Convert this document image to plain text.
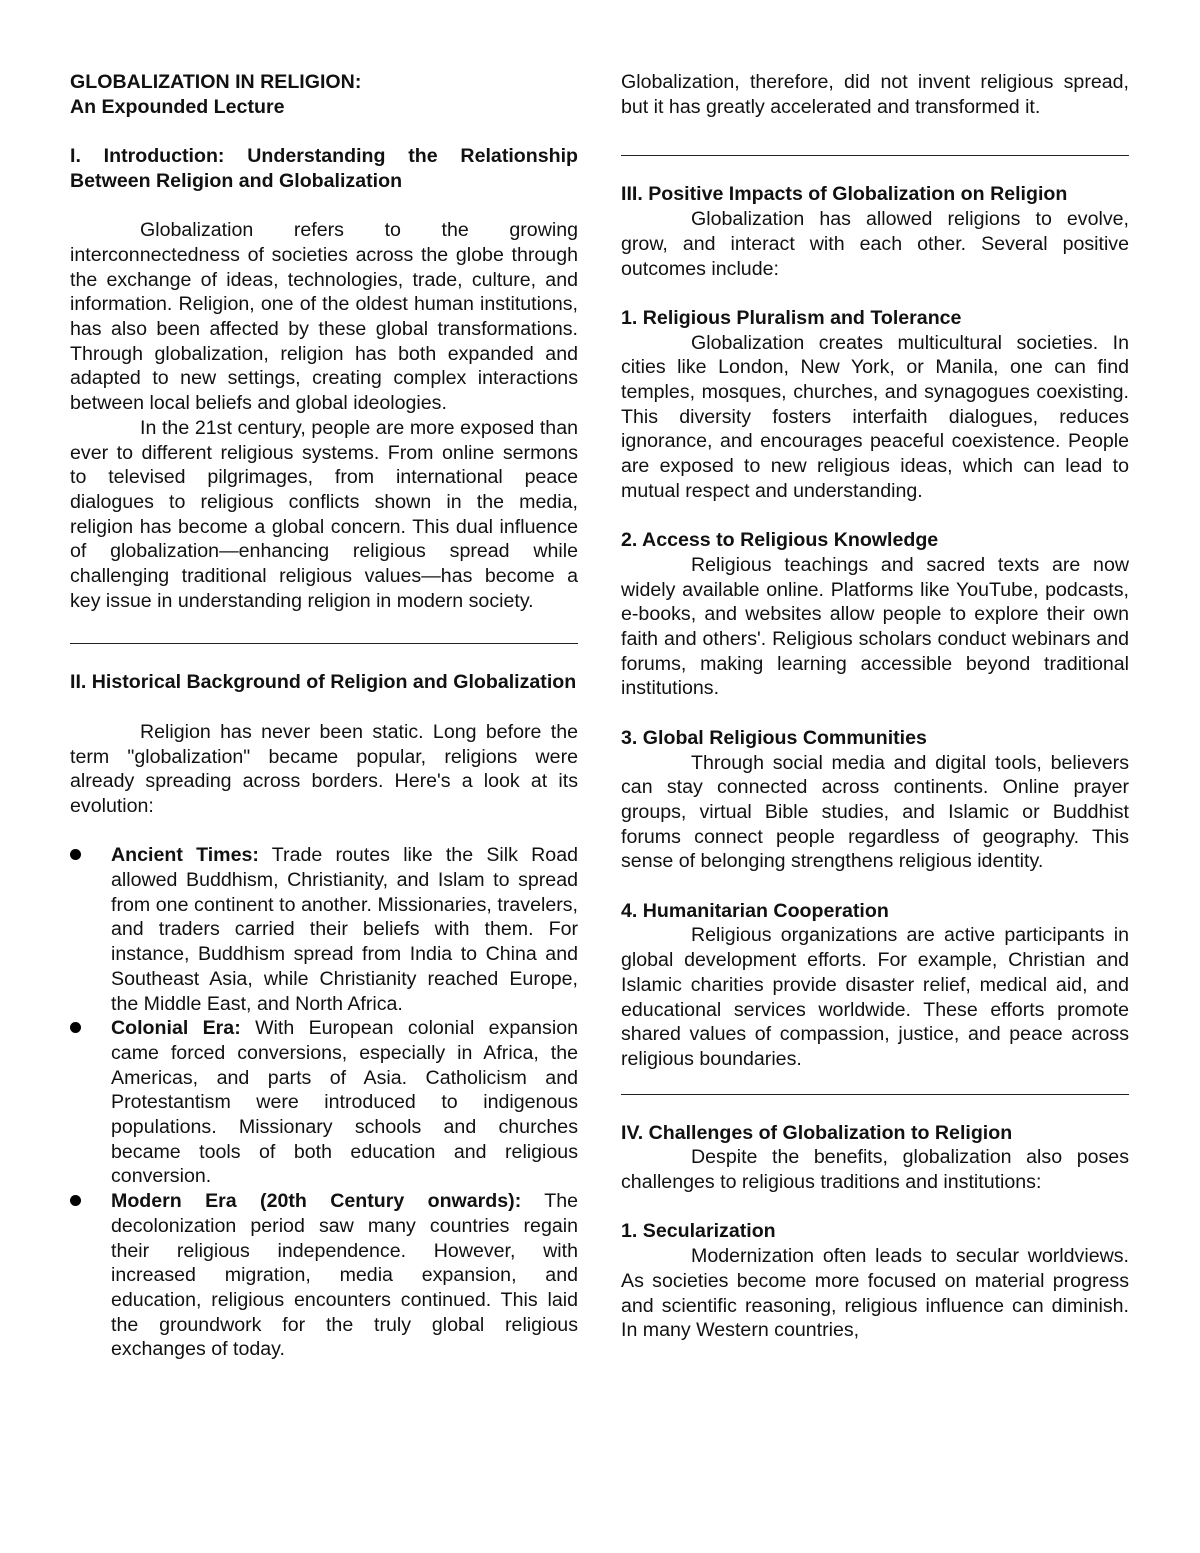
GLOBALIZATION IN RELIGION:

An Expounded Lecture

I. Introduction: Understanding the Relationship Between Religion and Globalization

Globalization refers to the growing interconnectedness of societies across the globe through the exchange of ideas, technologies, trade, culture, and information. Religion, one of the oldest human institutions, has also been affected by these global transformations. Through globalization, religion has both expanded and adapted to new settings, creating complex interactions between local beliefs and global ideologies.

In the 21st century, people are more exposed than ever to different religious systems. From online sermons to televised pilgrimages, from international peace dialogues to religious conflicts shown in the media, religion has become a global concern. This dual influence of globalization—enhancing religious spread while challenging traditional religious values—has become a key issue in understanding religion in modern society.

II. Historical Background of Religion and Globalization

Religion has never been static. Long before the term "globalization" became popular, religions were already spreading across borders. Here's a look at its evolution:

Ancient Times: Trade routes like the Silk Road allowed Buddhism, Christianity, and Islam to spread from one continent to another. Missionaries, travelers, and traders carried their beliefs with them. For instance, Buddhism spread from India to China and Southeast Asia, while Christianity reached Europe, the Middle East, and North Africa.
Colonial Era: With European colonial expansion came forced conversions, especially in Africa, the Americas, and parts of Asia. Catholicism and Protestantism were introduced to indigenous populations. Missionary schools and churches became tools of both education and religious conversion.
Modern Era (20th Century onwards): The decolonization period saw many countries regain their religious independence. However, with increased migration, media expansion, and education, religious encounters continued. This laid the groundwork for the truly global religious exchanges of today.

Globalization, therefore, did not invent religious spread, but it has greatly accelerated and transformed it.

III. Positive Impacts of Globalization on Religion

Globalization has allowed religions to evolve, grow, and interact with each other. Several positive outcomes include:

1. Religious Pluralism and Tolerance

Globalization creates multicultural societies. In cities like London, New York, or Manila, one can find temples, mosques, churches, and synagogues coexisting. This diversity fosters interfaith dialogues, reduces ignorance, and encourages peaceful coexistence. People are exposed to new religious ideas, which can lead to mutual respect and understanding.

2. Access to Religious Knowledge

Religious teachings and sacred texts are now widely available online. Platforms like YouTube, podcasts, e-books, and websites allow people to explore their own faith and others'. Religious scholars conduct webinars and forums, making learning accessible beyond traditional institutions.

3. Global Religious Communities

Through social media and digital tools, believers can stay connected across continents. Online prayer groups, virtual Bible studies, and Islamic or Buddhist forums connect people regardless of geography. This sense of belonging strengthens religious identity.

4. Humanitarian Cooperation

Religious organizations are active participants in global development efforts. For example, Christian and Islamic charities provide disaster relief, medical aid, and educational services worldwide. These efforts promote shared values of compassion, justice, and peace across religious boundaries.

IV. Challenges of Globalization to Religion

Despite the benefits, globalization also poses challenges to religious traditions and institutions:

1. Secularization

Modernization often leads to secular worldviews. As societies become more focused on material progress and scientific reasoning, religious influence can diminish. In many Western countries,
